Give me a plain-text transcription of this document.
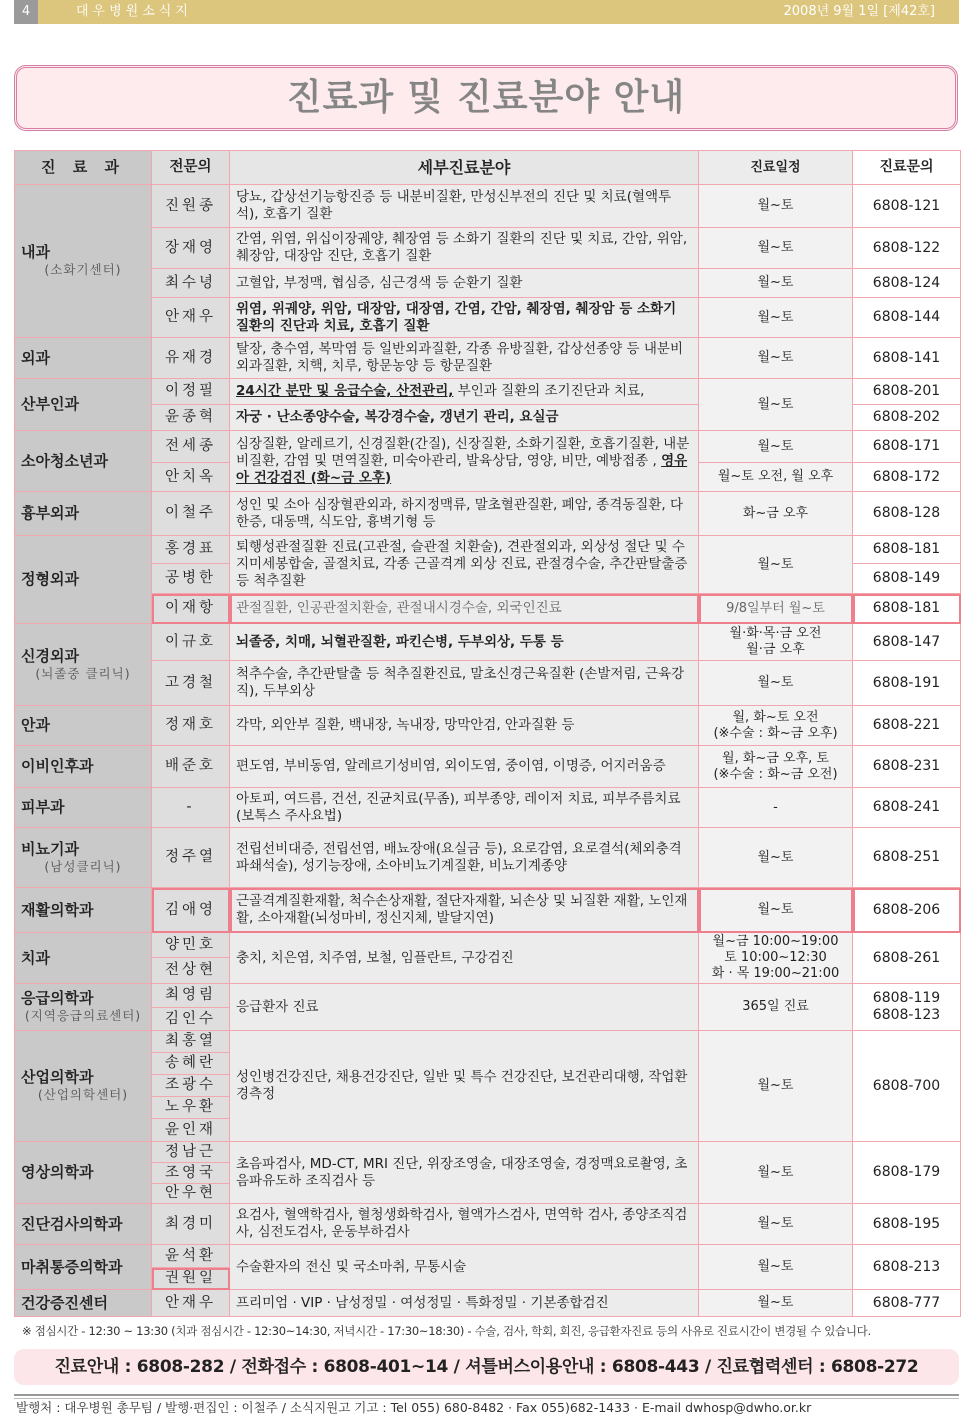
4	대우병원소식지	2008년 9월 1일 [제42호]
진료과 및 진료분야 안내
진 료 과	전문의	세부진료분야	진료일정	진료문의

내과
(소화기센터)	진원종	당뇨, 갑상선기능항진증 등 내분비질환, 만성신부전의 진단 및 치료(혈액투석), 호흡기 질환	월~토	6808-121
	장재영	간염, 위염, 위십이장궤양, 췌장염 등 소화기 질환의 진단 및 치료, 간암, 위암, 췌장암, 대장암 진단, 호흡기 질환	월~토	6808-122
	최수녕	고혈압, 부정맥, 협심증, 심근경색 등 순환기 질환	월~토	6808-124
	안재우	위염, 위궤양, 위암, 대장암, 대장염, 간염, 간암, 췌장염, 췌장암 등 소화기 질환의 진단과 치료, 호흡기 질환	월~토	6808-144

외과	유재경	탈장, 충수염, 복막염 등 일반외과질환, 각종 유방질환, 갑상선종양 등 내분비외과질환, 치핵, 치루, 항문농양 등 항문질환	월~토	6808-141

산부인과	이정필	24시간 분만 및 응급수술, 산전관리, 부인과 질환의 조기진단과 치료,	월~토	6808-201
	윤종혁	자궁 · 난소종양수술, 복강경수술, 갱년기 관리, 요실금		6808-202

소아청소년과	전세종	심장질환, 알레르기, 신경질환(간질), 신장질환, 소화기질환, 호흡기질환, 내분비질환, 감염 및 면역질환, 미숙아관리, 발육상담, 영양, 비만, 예방접종 , 영유아 건강검진 (화~금 오후)	월~토	6808-171
	안치옥		월~토 오전, 월 오후	6808-172

흉부외과	이철주	성인 및 소아 심장혈관외과, 하지정맥류, 말초혈관질환, 폐암, 종격동질환, 다한증, 대동맥, 식도암, 흉벽기형 등	화~금 오후	6808-128

정형외과	홍경표	퇴행성관절질환 진료(고관절, 슬관절 치환술), 견관절외과, 외상성 절단 및 수지미세봉합술, 골절치료, 각종 근골격계 외상 진료, 관절경수술, 추간판탈출증 등 척추질환	월~토	6808-181
	공병한			6808-149
	이재항	관절질환, 인공관절치환술, 관절내시경수술, 외국인진료	9/8일부터 월~토	6808-181

신경외과
(뇌졸중 클리닉)	이규호	뇌졸중, 치매, 뇌혈관질환, 파킨슨병, 두부외상, 두통 등	월·화·목·금 오전
월·금 오후	6808-147
	고경철	척추수술, 추간판탈출 등 척추질환진료, 말초신경근육질환 (손발저림, 근육강직), 두부외상	월~토	6808-191

안과	정재호	각막, 외안부 질환, 백내장, 녹내장, 망막안검, 안과질환 등	월, 화~토 오전
(※수술 : 화~금 오후)	6808-221

이비인후과	배준호	편도염, 부비동염, 알레르기성비염, 외이도염, 중이염, 이명증, 어지러움증	월, 화~금 오후, 토
(※수술 : 화~금 오전)	6808-231

피부과	-	아토피, 여드름, 건선, 진균치료(무좀), 피부종양, 레이저 치료, 피부주름치료(보톡스 주사요법)	-	6808-241

비뇨기과
(남성클리닉)	정주열	전립선비대증, 전립선염, 배뇨장애(요실금 등), 요로감염, 요로결석(체외충격파쇄석술), 성기능장애, 소아비뇨기계질환, 비뇨기계종양	월~토	6808-251

재활의학과	김애영	근골격계질환재활, 척수손상재활, 절단자재활, 뇌손상 및 뇌질환 재활, 노인재활, 소아재활(뇌성마비, 정신지체, 발달지연)	월~토	6808-206

치과	양민호	충치, 치은염, 치주염, 보철, 임플란트, 구강검진	월~금 10:00~19:00
토 10:00~12:30
화 · 목 19:00~21:00	6808-261
	전상현			

응급의학과
(지역응급의료센터)	최영림	응급환자 진료	365일 진료	6808-119
6808-123
	김인수			

산업의학과
(산업의학센터)	최홍열	성인병건강진단, 채용건강진단, 일반 및 특수 건강진단, 보건관리대행, 작업환경측정	월~토	6808-700
	송혜란			
	조광수			
	노우환			
	윤인재			

영상의학과	정남근	초음파검사, MD-CT, MRI 진단, 위장조영술, 대장조영술, 경정맥요로촬영, 초음파유도하 조직검사 등	월~토	6808-179
	조영국			
	안우현			

진단검사의학과	최경미	요검사, 혈액학검사, 혈청생화학검사, 혈액가스검사, 면역학 검사, 종양조직검사, 심전도검사, 운동부하검사	월~토	6808-195

마취통증의학과	윤석환	수술환자의 전신 및 국소마취, 무통시술	월~토	6808-213
	권원일			

건강증진센터	안재우	프리미엄 · VIP · 남성정밀 · 여성정밀 · 특화정밀 · 기본종합검진	월~토	6808-777
※ 점심시간 - 12:30 ~ 13:30 (치과 점심시간 - 12:30~14:30, 저녁시간 - 17:30~18:30) - 수술, 검사, 학회, 회진, 응급환자진료 등의 사유로 진료시간이 변경될 수 있습니다.
진료안내 : 6808-282 / 전화접수 : 6808-401~14 / 셔틀버스이용안내 : 6808-443 / 진료협력센터 : 6808-272
발행처 : 대우병원 총무팀 / 발행·편집인 : 이철주 / 소식지원고 기고 : Tel 055) 680-8482 · Fax 055)682-1433 · E-mail dwhosp@dwho.or.kr
